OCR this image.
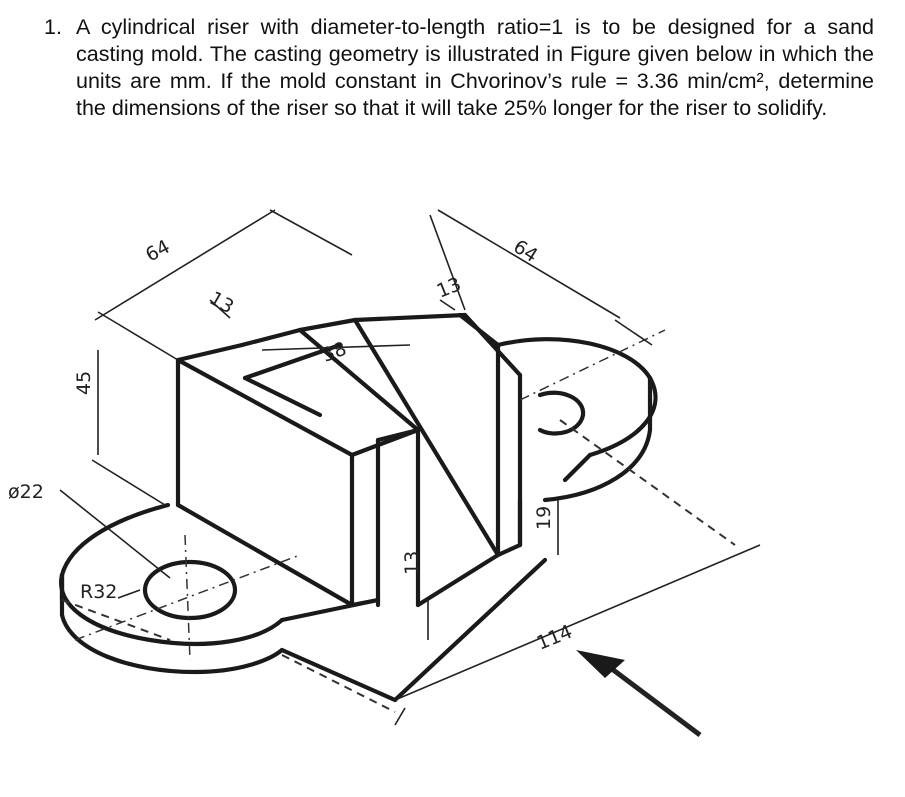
1. A cylindrical riser with diameter-to-length ratio=1 is to be designed for a sand casting mold. The casting geometry is illustrated in Figure given below in which the units are mm. If the mold constant in Chvorinov’s rule = 3.36 min/cm², determine the dimensions of the riser so that it will take 25% longer for the riser to solidify.
64
13
38
13
64
45
ø22
R32
13
19
114
